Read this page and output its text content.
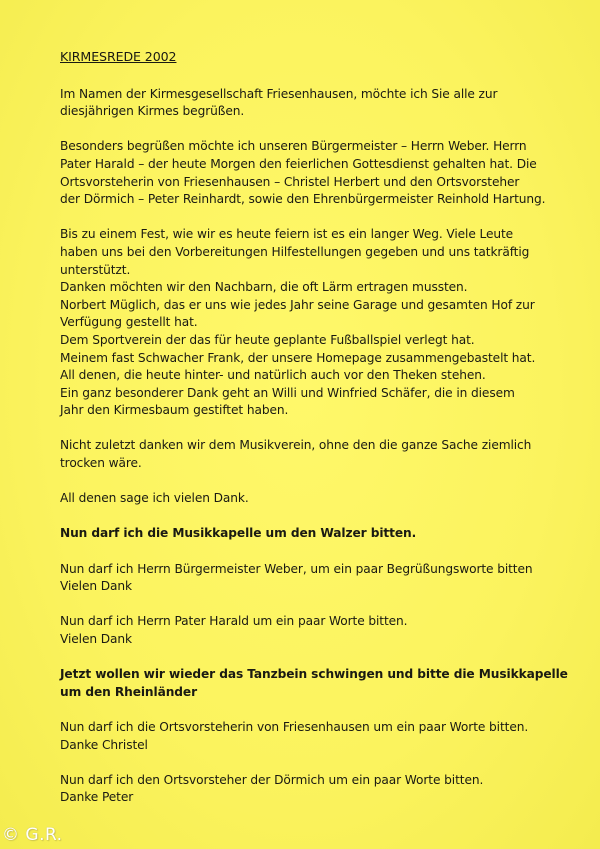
KIRMESREDE 2002
Im Namen der Kirmesgesellschaft Friesenhausen, möchte ich Sie alle zur
diesjährigen Kirmes begrüßen.
Besonders begrüßen möchte ich unseren Bürgermeister – Herrn Weber. Herrn
Pater Harald – der heute Morgen den feierlichen Gottesdienst gehalten hat. Die
Ortsvorsteherin von Friesenhausen – Christel Herbert und den Ortsvorsteher
der Dörmich – Peter Reinhardt, sowie den Ehrenbürgermeister Reinhold Hartung.
Bis zu einem Fest, wie wir es heute feiern ist es ein langer Weg. Viele Leute
haben uns bei den Vorbereitungen Hilfestellungen gegeben und uns tatkräftig
unterstützt.
Danken möchten wir den Nachbarn, die oft Lärm ertragen mussten.
Norbert Müglich, das er uns wie jedes Jahr seine Garage und gesamten Hof zur
Verfügung gestellt hat.
Dem Sportverein der das für heute geplante Fußballspiel verlegt hat.
Meinem fast Schwacher Frank, der unsere Homepage zusammengebastelt hat.
All denen, die heute hinter- und natürlich auch vor den Theken stehen.
Ein ganz besonderer Dank geht an Willi und Winfried Schäfer, die in diesem
Jahr den Kirmesbaum gestiftet haben.
Nicht zuletzt danken wir dem Musikverein, ohne den die ganze Sache ziemlich
trocken wäre.
All denen sage ich vielen Dank.
Nun darf ich die Musikkapelle um den Walzer bitten.
Nun darf ich Herrn Bürgermeister Weber, um ein paar Begrüßungsworte bitten
Vielen Dank
Nun darf ich Herrn Pater Harald um ein paar Worte bitten.
Vielen Dank
Jetzt wollen wir wieder das Tanzbein schwingen und bitte die Musikkapelle
um den Rheinländer
Nun darf ich die Ortsvorsteherin von Friesenhausen um ein paar Worte bitten.
Danke Christel
Nun darf ich den Ortsvorsteher der Dörmich um ein paar Worte bitten.
Danke Peter
© G.R.
